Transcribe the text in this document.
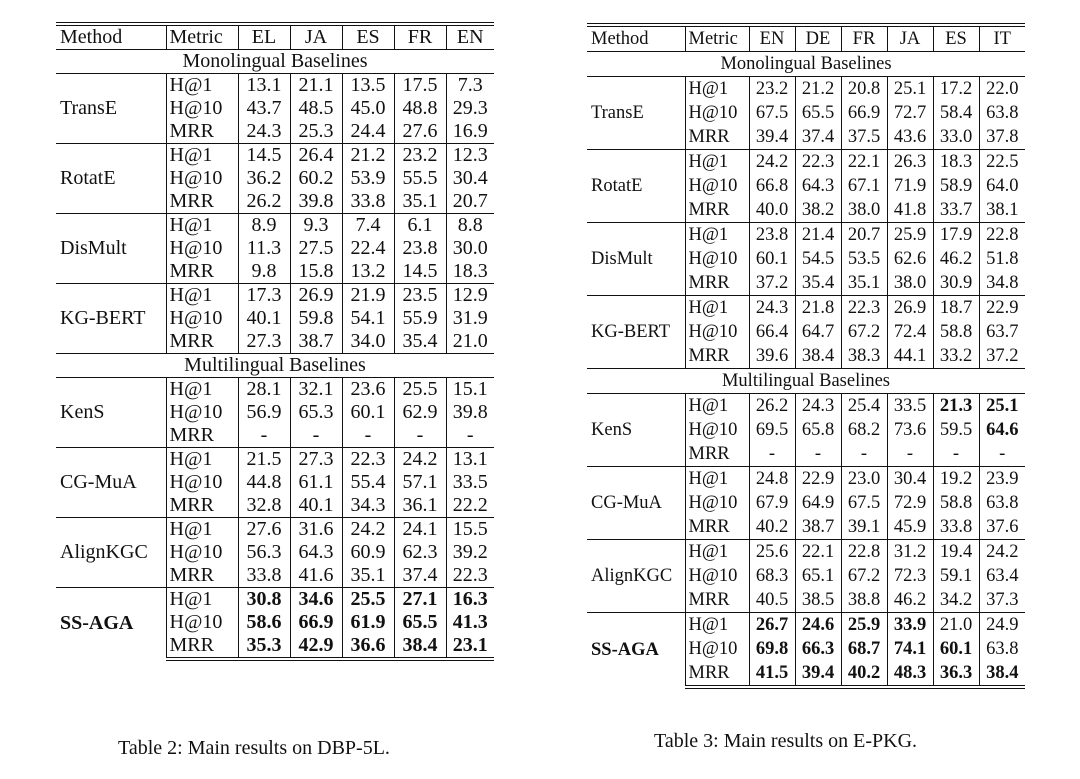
Method	Metric	EL	JA	ES	FR	EN
Monolingual Baselines						
TransE	H@1	13.1	21.1	13.5	17.5	7.3
	H@10	43.7	48.5	45.0	48.8	29.3
	MRR	24.3	25.3	24.4	27.6	16.9
RotatE	H@1	14.5	26.4	21.2	23.2	12.3
	H@10	36.2	60.2	53.9	55.5	30.4
	MRR	26.2	39.8	33.8	35.1	20.7
DisMult	H@1	8.9	9.3	7.4	6.1	8.8
	H@10	11.3	27.5	22.4	23.8	30.0
	MRR	9.8	15.8	13.2	14.5	18.3
KG-BERT	H@1	17.3	26.9	21.9	23.5	12.9
	H@10	40.1	59.8	54.1	55.9	31.9
	MRR	27.3	38.7	34.0	35.4	21.0
Multilingual Baselines						
KenS	H@1	28.1	32.1	23.6	25.5	15.1
	H@10	56.9	65.3	60.1	62.9	39.8
	MRR	-	-	-	-	-
CG-MuA	H@1	21.5	27.3	22.3	24.2	13.1
	H@10	44.8	61.1	55.4	57.1	33.5
	MRR	32.8	40.1	34.3	36.1	22.2
AlignKGC	H@1	27.6	31.6	24.2	24.1	15.5
	H@10	56.3	64.3	60.9	62.3	39.2
	MRR	33.8	41.6	35.1	37.4	22.3
SS-AGA	H@1	30.8	34.6	25.5	27.1	16.3
	H@10	58.6	66.9	61.9	65.5	41.3
	MRR	35.3	42.9	36.6	38.4	23.1
Table 2: Main results on DBP-5L.
Method	Metric	EN	DE	FR	JA	ES	IT
Monolingual Baselines							
TransE	H@1	23.2	21.2	20.8	25.1	17.2	22.0
	H@10	67.5	65.5	66.9	72.7	58.4	63.8
	MRR	39.4	37.4	37.5	43.6	33.0	37.8
RotatE	H@1	24.2	22.3	22.1	26.3	18.3	22.5
	H@10	66.8	64.3	67.1	71.9	58.9	64.0
	MRR	40.0	38.2	38.0	41.8	33.7	38.1
DisMult	H@1	23.8	21.4	20.7	25.9	17.9	22.8
	H@10	60.1	54.5	53.5	62.6	46.2	51.8
	MRR	37.2	35.4	35.1	38.0	30.9	34.8
KG-BERT	H@1	24.3	21.8	22.3	26.9	18.7	22.9
	H@10	66.4	64.7	67.2	72.4	58.8	63.7
	MRR	39.6	38.4	38.3	44.1	33.2	37.2
Multilingual Baselines							
KenS	H@1	26.2	24.3	25.4	33.5	21.3	25.1
	H@10	69.5	65.8	68.2	73.6	59.5	64.6
	MRR	-	-	-	-	-	-
CG-MuA	H@1	24.8	22.9	23.0	30.4	19.2	23.9
	H@10	67.9	64.9	67.5	72.9	58.8	63.8
	MRR	40.2	38.7	39.1	45.9	33.8	37.6
AlignKGC	H@1	25.6	22.1	22.8	31.2	19.4	24.2
	H@10	68.3	65.1	67.2	72.3	59.1	63.4
	MRR	40.5	38.5	38.8	46.2	34.2	37.3
SS-AGA	H@1	26.7	24.6	25.9	33.9	21.0	24.9
	H@10	69.8	66.3	68.7	74.1	60.1	63.8
	MRR	41.5	39.4	40.2	48.3	36.3	38.4
Table 3: Main results on E-PKG.
